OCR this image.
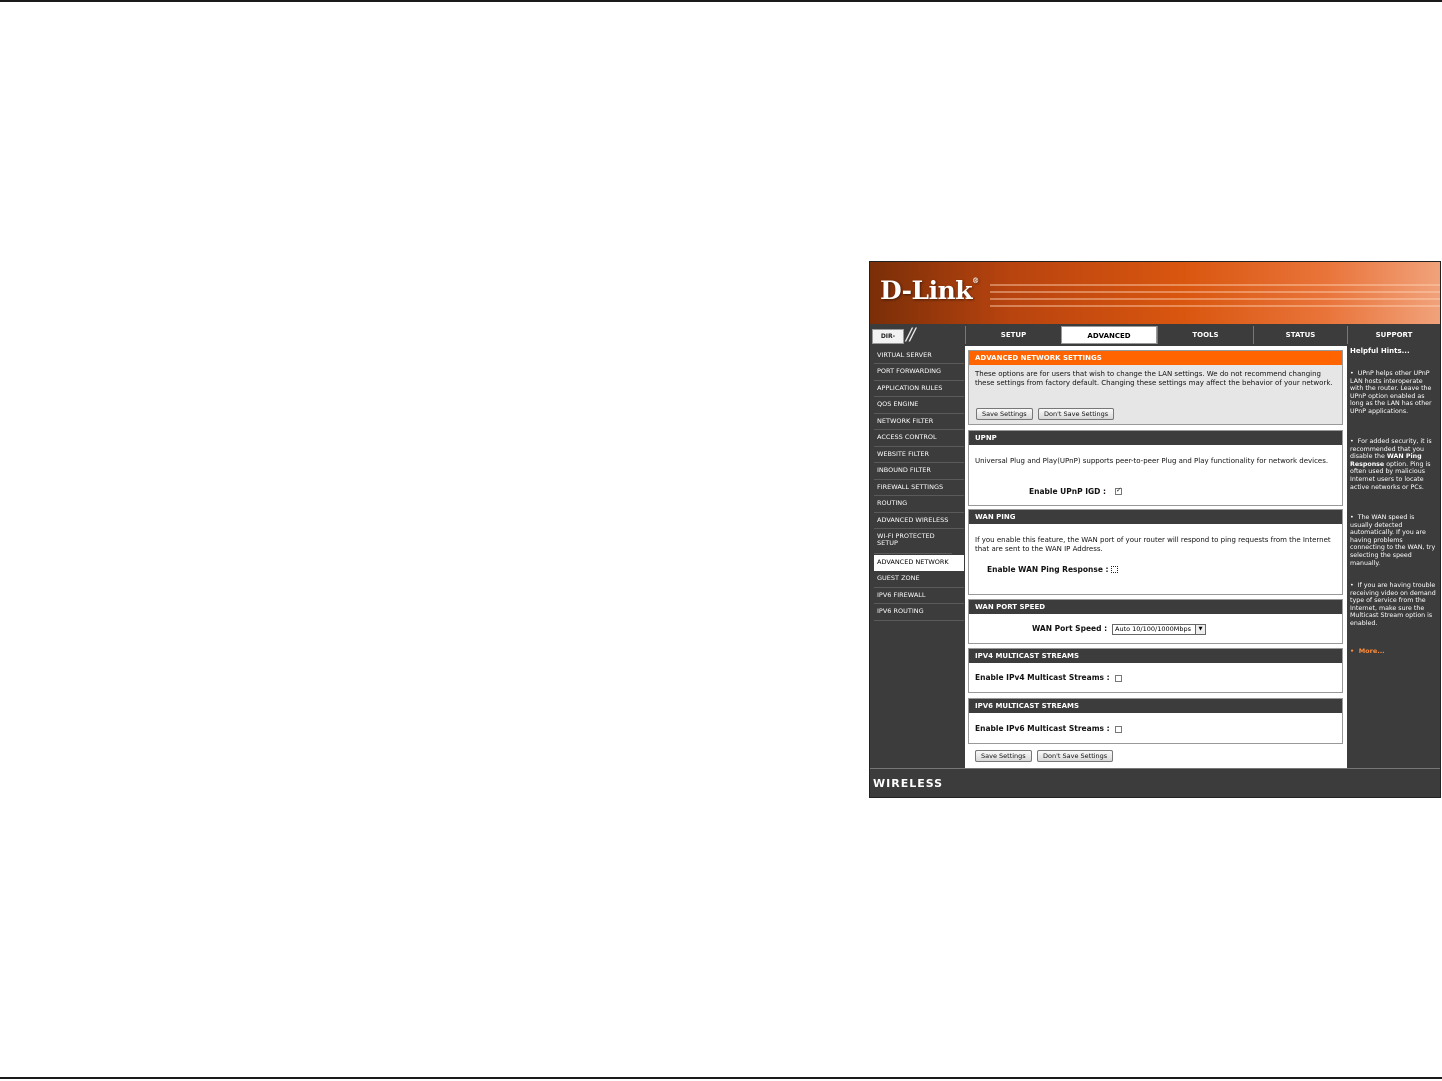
D-Link®
DIR- //	SETUP	ADVANCED	TOOLS	STATUS	SUPPORT
VIRTUAL SERVER
PORT FORWARDING
APPLICATION RULES
QOS ENGINE
NETWORK FILTER
ACCESS CONTROL
WEBSITE FILTER
INBOUND FILTER
FIREWALL SETTINGS
ROUTING
ADVANCED WIRELESS
WI-FI PROTECTED SETUP
ADVANCED NETWORK
GUEST ZONE
IPV6 FIREWALL
IPV6 ROUTING
ADVANCED NETWORK SETTINGS
These options are for users that wish to change the LAN settings. We do not recommend changing these settings from factory default. Changing these settings may affect the behavior of your network.
Save Settings	Don't Save Settings
UPNP
Universal Plug and Play(UPnP) supports peer-to-peer Plug and Play functionality for network devices.
Enable UPnP IGD :
✓
WAN PING
If you enable this feature, the WAN port of your router will respond to ping requests from the Internet that are sent to the WAN IP Address.
Enable WAN Ping Response :
WAN PORT SPEED
WAN Port Speed :	Auto 10/100/1000Mbps	▼
IPV4 MULTICAST STREAMS
Enable IPv4 Multicast Streams :
IPV6 MULTICAST STREAMS
Enable IPv6 Multicast Streams :
Save Settings	Don't Save Settings
Helpful Hints...
•  UPnP helps other UPnP LAN hosts interoperate with the router. Leave the UPnP option enabled as long as the LAN has other UPnP applications.
•  For added security, it is recommended that you disable the WAN Ping Response option. Ping is often used by malicious Internet users to locate active networks or PCs.
•  The WAN speed is usually detected automatically. If you are having problems connecting to the WAN, try selecting the speed manually.
•  If you are having trouble receiving video on demand type of service from the Internet, make sure the Multicast Stream option is enabled.
•  More...
WIRELESS
